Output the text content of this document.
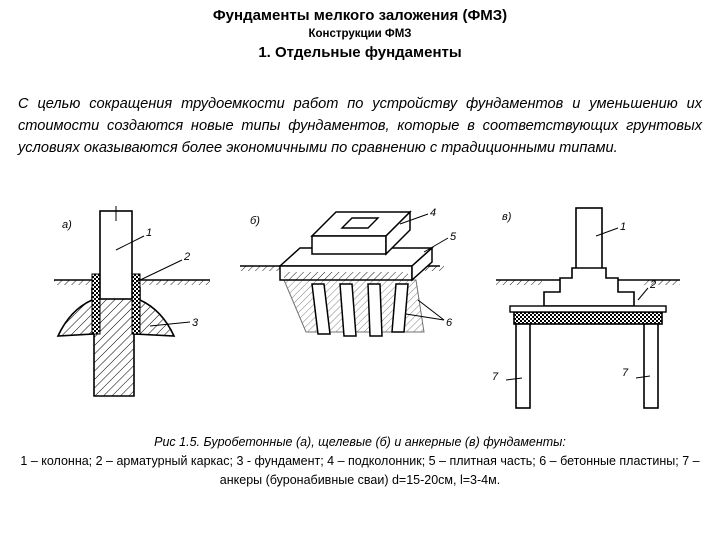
Фундаменты мелкого заложения (ФМЗ)
Конструкции ФМЗ
1. Отдельные фундаменты
С целью сокращения трудоемкости работ по устройству фундаментов и уменьшению их стоимости создаются новые типы фундаментов, которые в соответствующих грунтовых условиях оказываются более экономичными по сравнению с традиционными типами.
а)
1
2
3
б)
4
5
6
в)
1
2
7	7
Рис 1.5. Буробетонные (а), щелевые (б) и анкерные (в) фундаменты:
1 – колонна; 2 – арматурный каркас; 3 - фундамент; 4 – подколонник; 5 – плитная часть; 6 – бетонные пластины; 7 – анкеры (буронабивные сваи) d=15-20см, l=3-4м.
